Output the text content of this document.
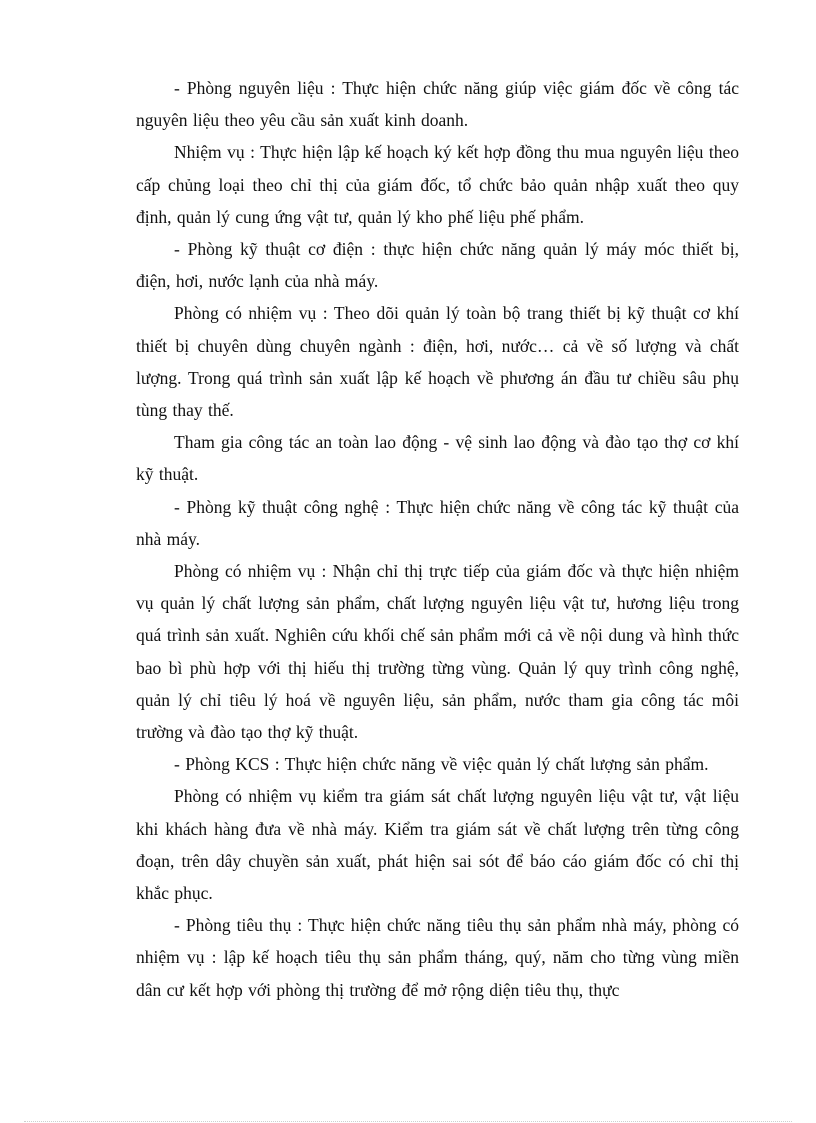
- Phòng nguyên liệu : Thực hiện chức năng giúp việc giám đốc về công tác nguyên liệu theo yêu cầu sản xuất kinh doanh.

Nhiệm vụ : Thực hiện lập kế hoạch ký kết hợp đồng thu mua nguyên liệu theo cấp chủng loại theo chỉ thị của giám đốc, tổ chức bảo quản nhập xuất theo quy định, quản lý cung ứng vật tư, quản lý kho phế liệu phế phẩm.

- Phòng kỹ thuật cơ điện : thực hiện chức năng quản lý máy móc thiết bị, điện, hơi, nước lạnh của nhà máy.

Phòng có nhiệm vụ : Theo dõi quản lý toàn bộ trang thiết bị kỹ thuật cơ khí thiết bị chuyên dùng chuyên ngành : điện, hơi, nước… cả về số lượng và chất lượng. Trong quá trình sản xuất lập kế hoạch về phương án đầu tư chiều sâu phụ tùng thay thế.

Tham gia công tác an toàn lao động - vệ sinh lao động và đào tạo thợ cơ khí kỹ thuật.

- Phòng kỹ thuật công nghệ : Thực hiện chức năng về công tác kỹ thuật của nhà máy.

Phòng có nhiệm vụ : Nhận chỉ thị trực tiếp của giám đốc và thực hiện nhiệm vụ quản lý chất lượng sản phẩm, chất lượng nguyên liệu vật tư, hương liệu trong quá trình sản xuất. Nghiên cứu khối chế sản phẩm mới cả về nội dung và hình thức bao bì phù hợp với thị hiếu thị trường từng vùng. Quản lý quy trình công nghệ, quản lý chỉ tiêu lý hoá về nguyên liệu, sản phẩm, nước tham gia công tác môi trường và đào tạo thợ kỹ thuật.

- Phòng KCS : Thực hiện chức năng về việc quản lý chất lượng sản phẩm.

Phòng có nhiệm vụ kiểm tra giám sát chất lượng nguyên liệu vật tư, vật liệu khi khách hàng đưa về nhà máy. Kiểm tra giám sát về chất lượng trên từng công đoạn, trên dây chuyền sản xuất, phát hiện sai sót để báo cáo giám đốc có chỉ thị khắc phục.

- Phòng tiêu thụ : Thực hiện chức năng tiêu thụ sản phẩm nhà máy, phòng có nhiệm vụ : lập kế hoạch tiêu thụ sản phẩm tháng, quý, năm cho từng vùng miền dân cư kết hợp với phòng thị trường để mở rộng diện tiêu thụ, thực
